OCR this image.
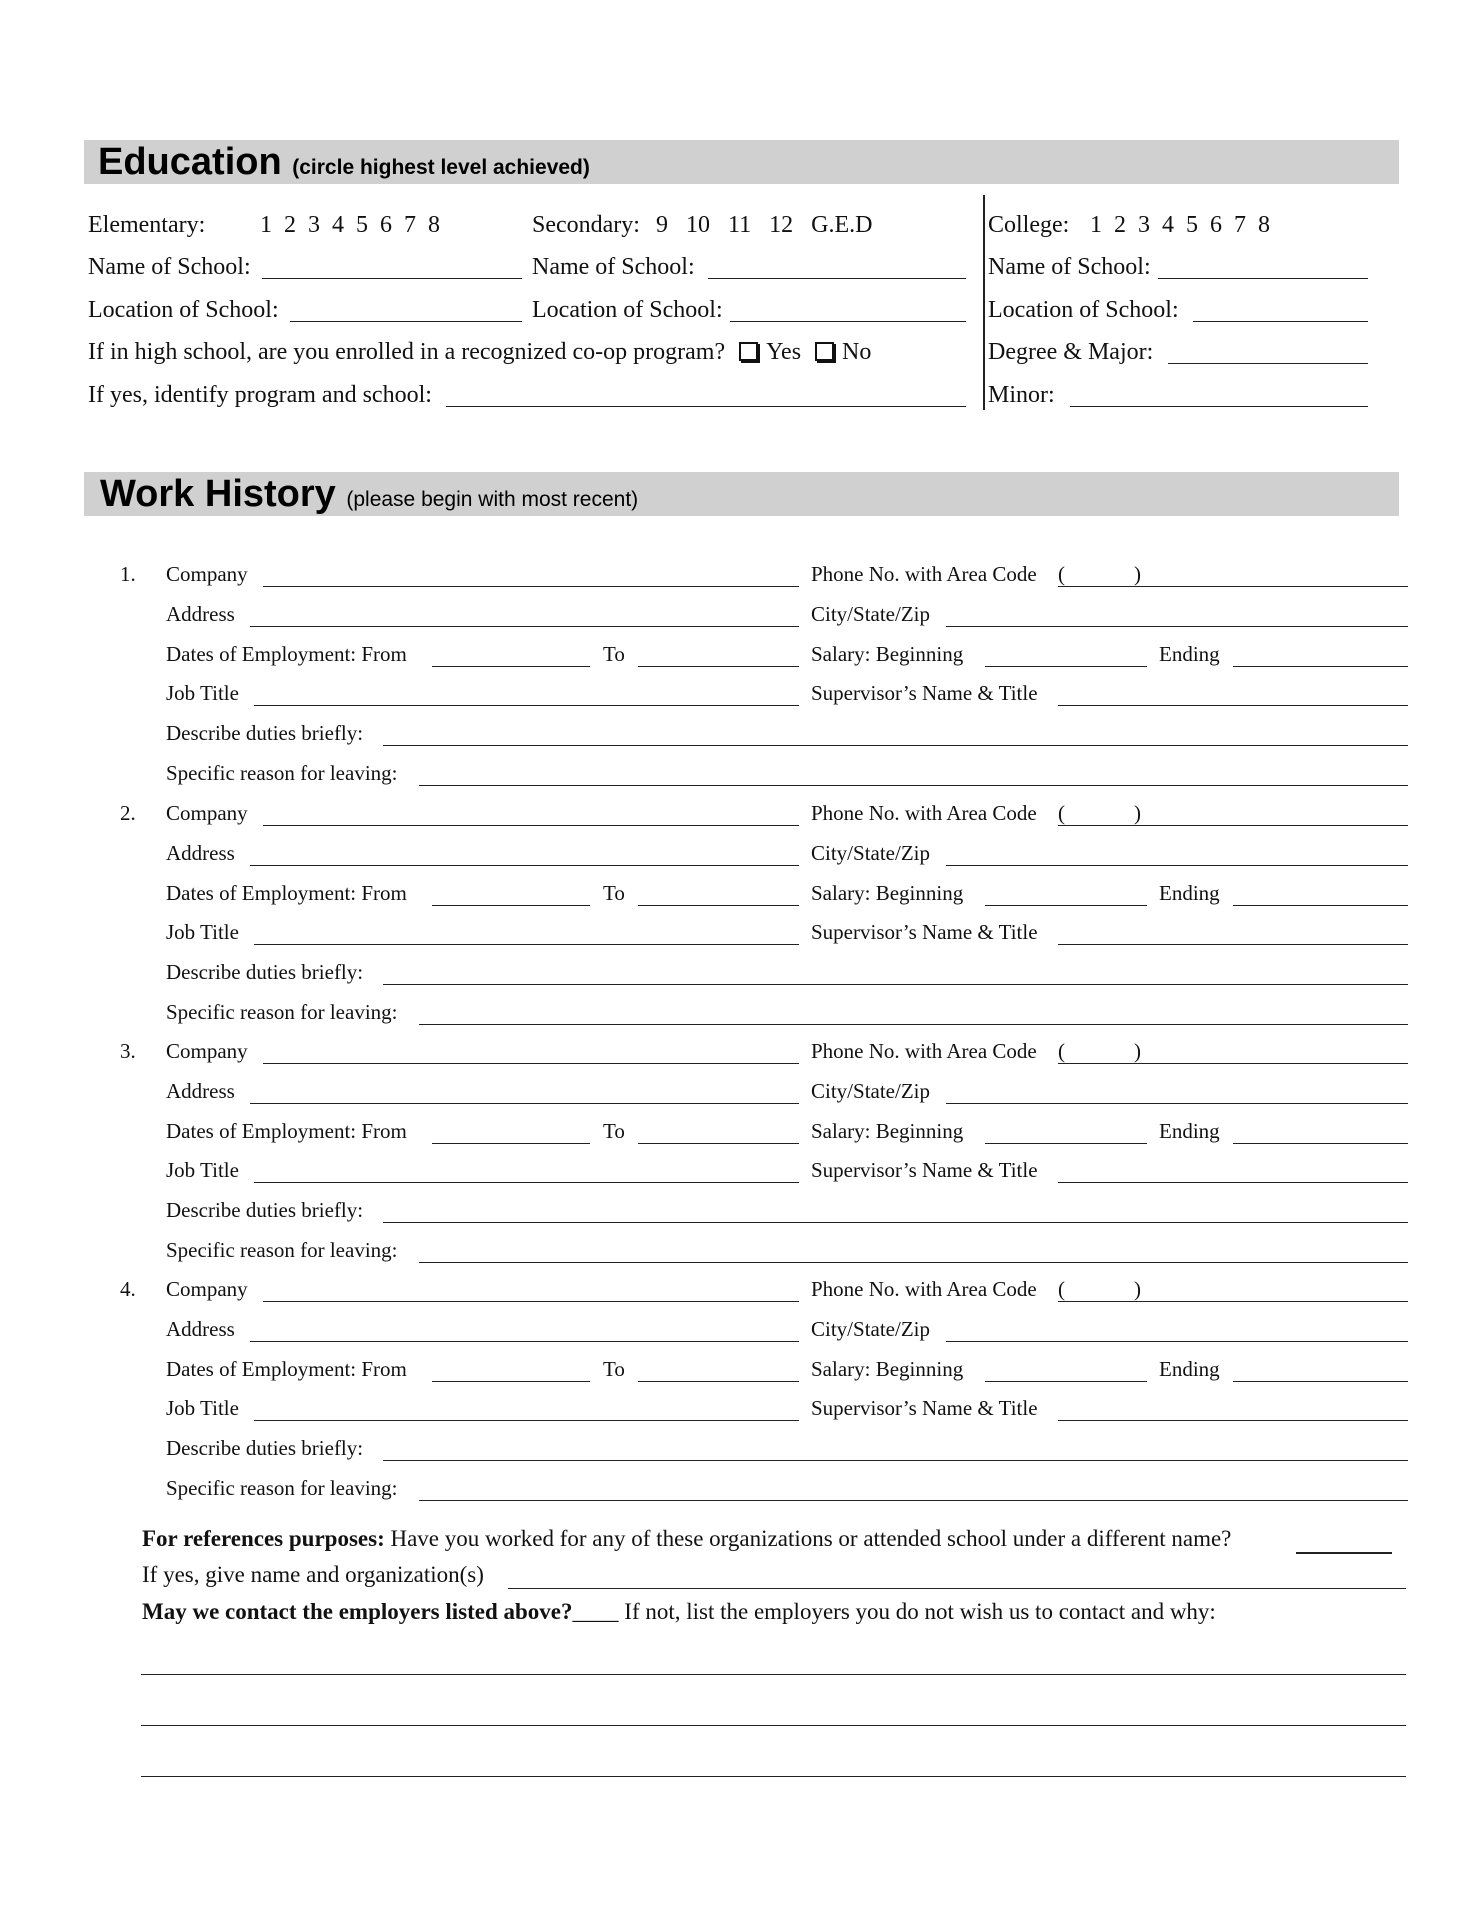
Education (circle highest level achieved)
Elementary: 1  2  3  4  5  6  7  8	Secondary: 9   10   11   12   G.E.D	College: 1  2  3  4  5  6  7  8
Name of School:	Name of School:	Name of School:
Location of School:	Location of School:	Location of School:
If in high school, are you enrolled in a recognized co-op program? Yes No	Degree & Major:
If yes, identify program and school:	Minor:
Work History (please begin with most recent)
1. Company	Phone No. with Area Code (	)
Address	City/State/Zip
Dates of Employment: From	To	Salary: Beginning	Ending
Job Title	Supervisor’s Name & Title
Describe duties briefly:
Specific reason for leaving:
2. Company	Phone No. with Area Code (	)
Address	City/State/Zip
Dates of Employment: From	To	Salary: Beginning	Ending
Job Title	Supervisor’s Name & Title
Describe duties briefly:
Specific reason for leaving:
3. Company	Phone No. with Area Code (	)
Address	City/State/Zip
Dates of Employment: From	To	Salary: Beginning	Ending
Job Title	Supervisor’s Name & Title
Describe duties briefly:
Specific reason for leaving:
4. Company	Phone No. with Area Code (	)
Address	City/State/Zip
Dates of Employment: From	To	Salary: Beginning	Ending
Job Title	Supervisor’s Name & Title
Describe duties briefly:
Specific reason for leaving:
For references purposes: Have you worked for any of these organizations or attended school under a different name?
If yes, give name and organization(s)
May we contact the employers listed above?____ If not, list the employers you do not wish us to contact and why:
